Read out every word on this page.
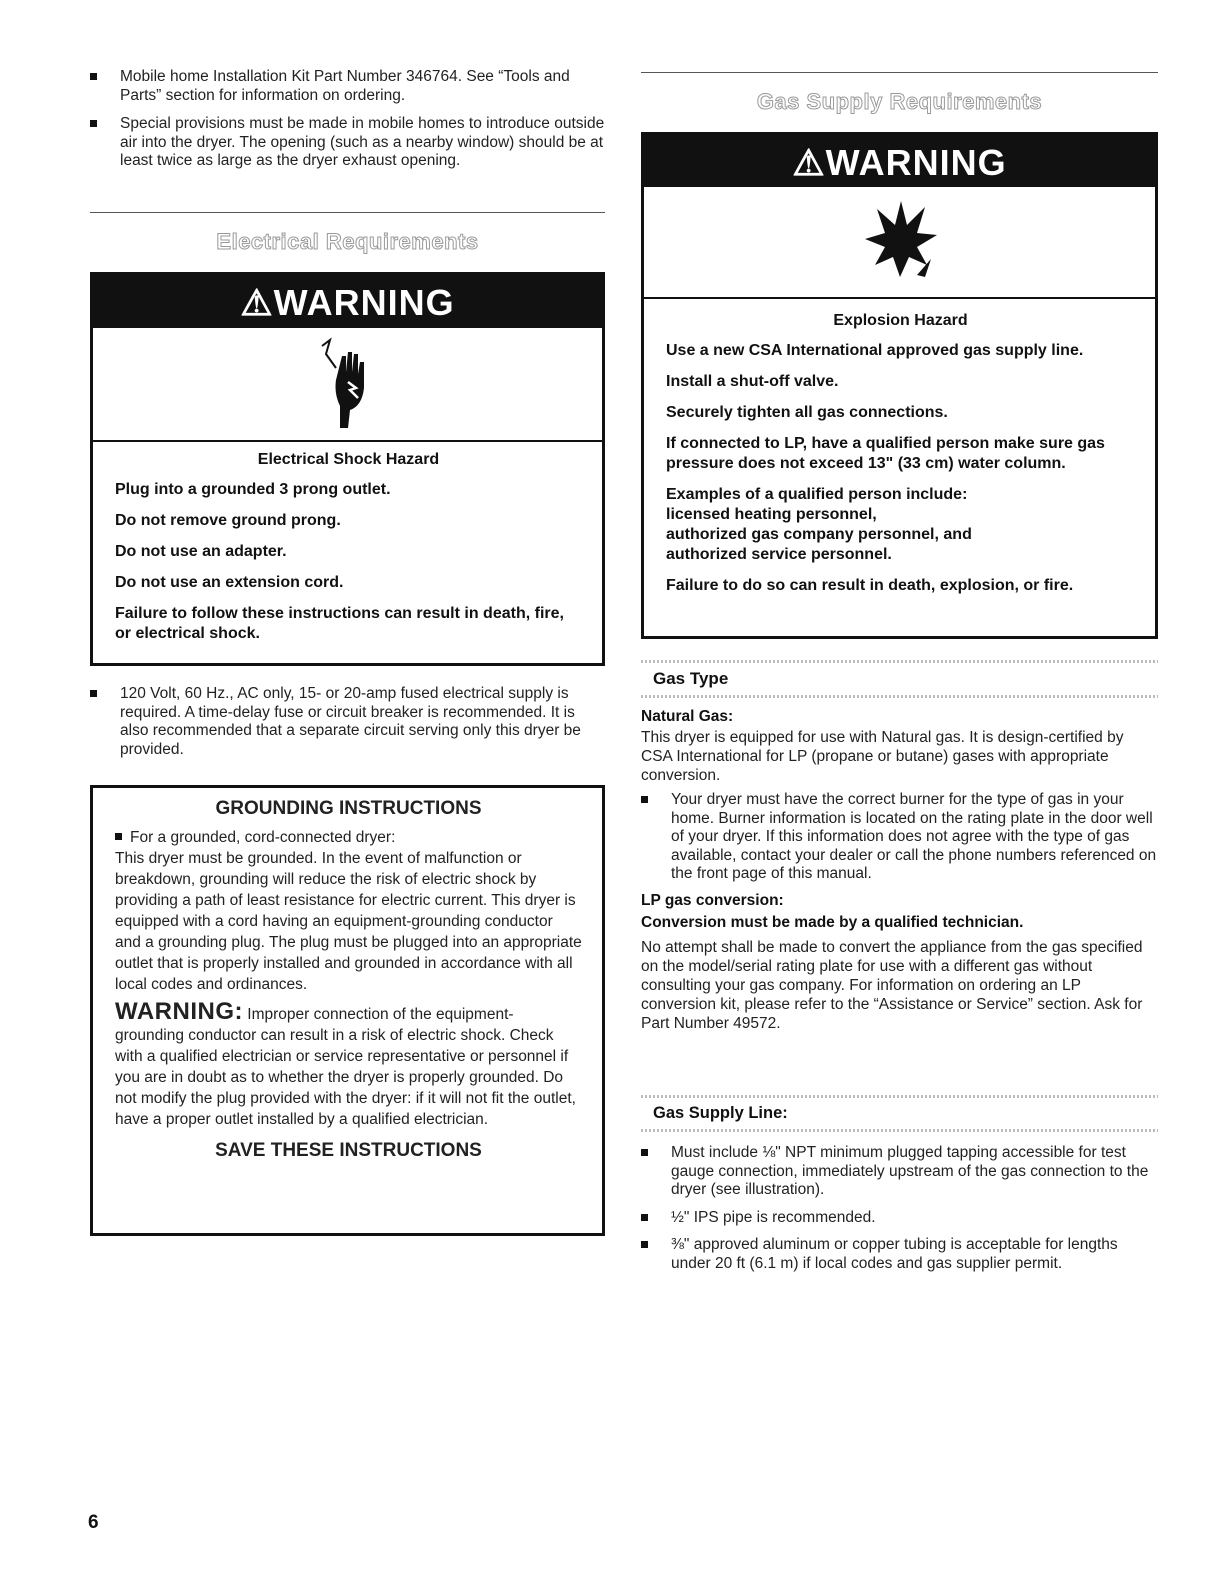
Mobile home Installation Kit Part Number 346764. See “Tools and Parts” section for information on ordering.

Special provisions must be made in mobile homes to introduce outside air into the dryer. The opening (such as a nearby window) should be at least twice as large as the dryer exhaust opening.

Electrical Requirements
⚠WARNING

Electrical Shock Hazard

Plug into a grounded 3 prong outlet.

Do not remove ground prong.

Do not use an adapter.

Do not use an extension cord.

Failure to follow these instructions can result in death, fire, or electrical shock.

120 Volt, 60 Hz., AC only, 15- or 20-amp fused electrical supply is required. A time-delay fuse or circuit breaker is recommended. It is also recommended that a separate circuit serving only this dryer be provided.

GROUNDING INSTRUCTIONS

For a grounded, cord-connected dryer:

This dryer must be grounded. In the event of malfunction or breakdown, grounding will reduce the risk of electric shock by providing a path of least resistance for electric current. This dryer is equipped with a cord having an equipment-grounding conductor and a grounding plug. The plug must be plugged into an appropriate outlet that is properly installed and grounded in accordance with all local codes and ordinances.

WARNING: Improper connection of the equipment-grounding conductor can result in a risk of electric shock. Check with a qualified electrician or service representative or personnel if you are in doubt as to whether the dryer is properly grounded. Do not modify the plug provided with the dryer: if it will not fit the outlet, have a proper outlet installed by a qualified electrician.

SAVE THESE INSTRUCTIONS

Gas Supply Requirements
⚠WARNING

Explosion Hazard

Use a new CSA International approved gas supply line.

Install a shut-off valve.

Securely tighten all gas connections.

If connected to LP, have a qualified person make sure gas pressure does not exceed 13" (33 cm) water column.

Examples of a qualified person include:

licensed heating personnel,

authorized gas company personnel, and

authorized service personnel.

Failure to do so can result in death, explosion, or fire.

Gas Type

Natural Gas:

This dryer is equipped for use with Natural gas. It is design-certified by CSA International for LP (propane or butane) gases with appropriate conversion.

Your dryer must have the correct burner for the type of gas in your home. Burner information is located on the rating plate in the door well of your dryer. If this information does not agree with the type of gas available, contact your dealer or call the phone numbers referenced on the front page of this manual.

LP gas conversion:

Conversion must be made by a qualified technician.

No attempt shall be made to convert the appliance from the gas specified on the model/serial rating plate for use with a different gas without consulting your gas company. For information on ordering an LP conversion kit, please refer to the “Assistance or Service” section. Ask for Part Number 49572.

Gas Supply Line:

Must include ⅛" NPT minimum plugged tapping accessible for test gauge connection, immediately upstream of the gas connection to the dryer (see illustration).

½" IPS pipe is recommended.

⅜" approved aluminum or copper tubing is acceptable for lengths under 20 ft (6.1 m) if local codes and gas supplier permit.

6
